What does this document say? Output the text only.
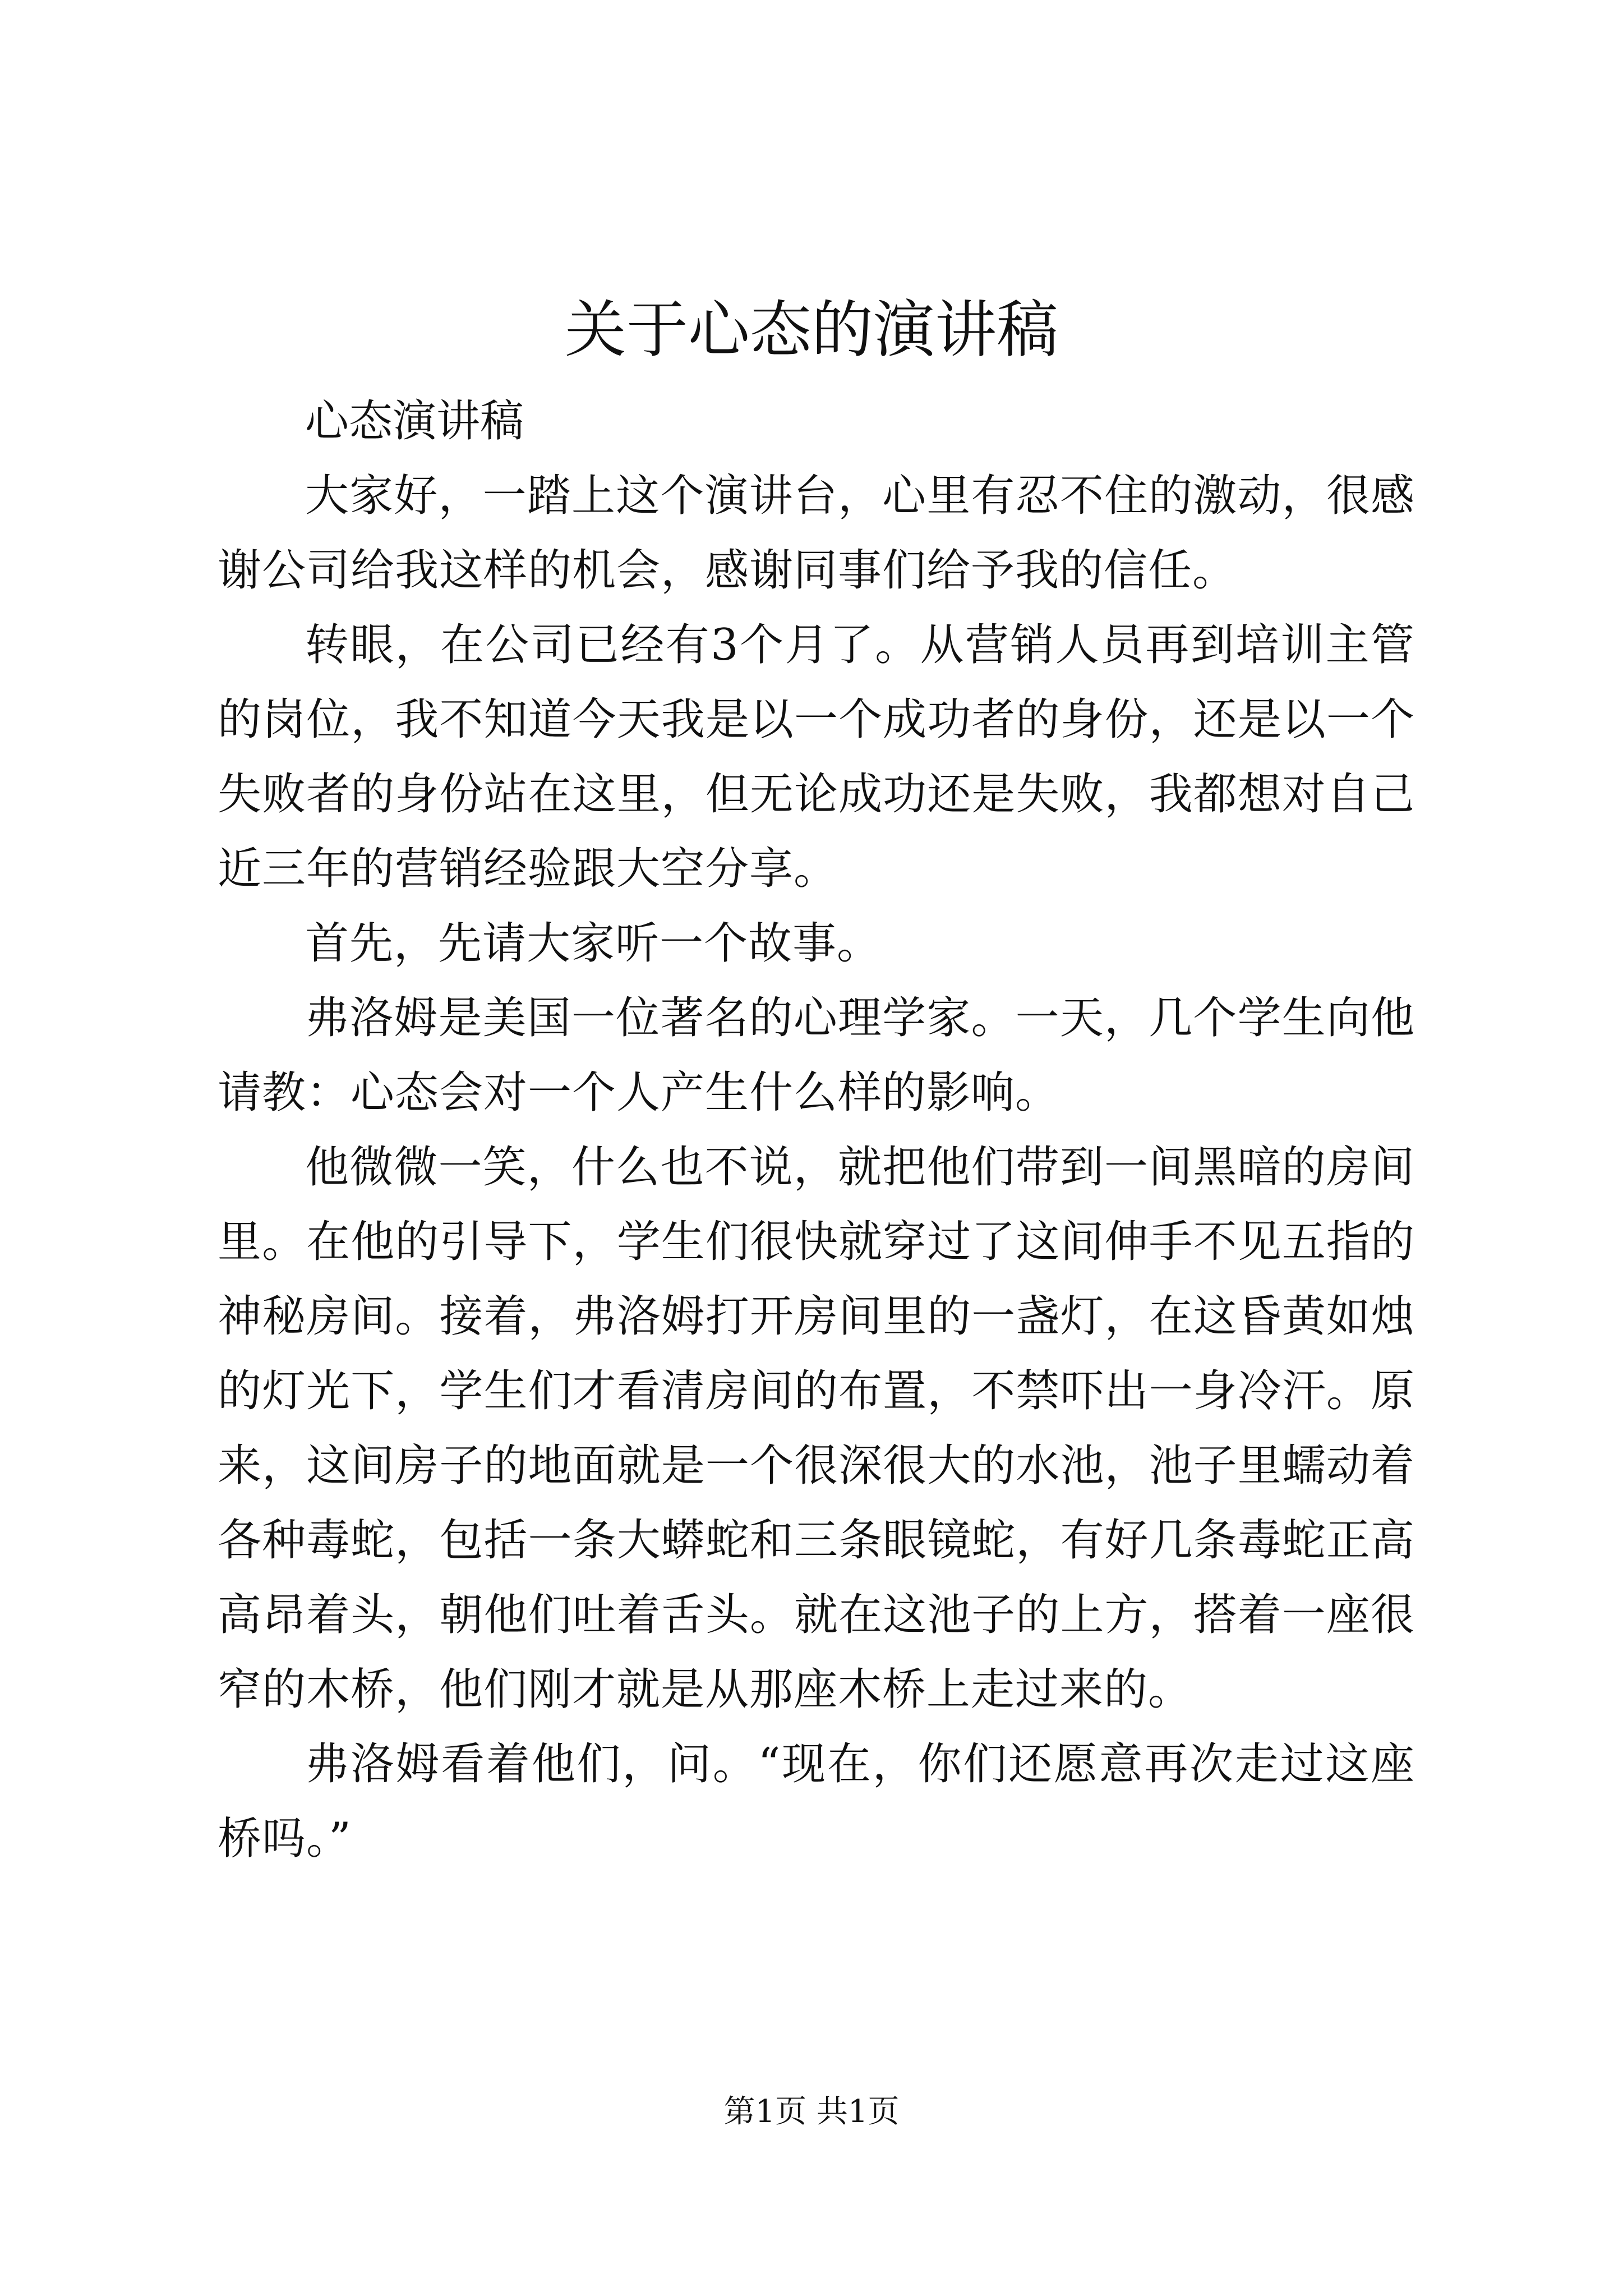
关于心态的演讲稿

心态演讲稿

大家好，一踏上这个演讲台，心里有忍不住的激动，很感谢公司给我这样的机会，感谢同事们给予我的信任。

转眼，在公司已经有3个月了。从营销人员再到培训主管的岗位，我不知道今天我是以一个成功者的身份，还是以一个失败者的身份站在这里，但无论成功还是失败，我都想对自己近三年的营销经验跟大空分享。

首先，先请大家听一个故事。

弗洛姆是美国一位著名的心理学家。一天，几个学生向他请教：心态会对一个人产生什么样的影响。

他微微一笑，什么也不说，就把他们带到一间黑暗的房间里。在他的引导下，学生们很快就穿过了这间伸手不见五指的神秘房间。接着，弗洛姆打开房间里的一盏灯，在这昏黄如烛的灯光下，学生们才看清房间的布置，不禁吓出一身冷汗。原来，这间房子的地面就是一个很深很大的水池，池子里蠕动着各种毒蛇，包括一条大蟒蛇和三条眼镜蛇，有好几条毒蛇正高高昂着头，朝他们吐着舌头。就在这池子的上方，搭着一座很窄的木桥，他们刚才就是从那座木桥上走过来的。

弗洛姆看着他们，问。“现在，你们还愿意再次走过这座桥吗。”

第1页 共1页
